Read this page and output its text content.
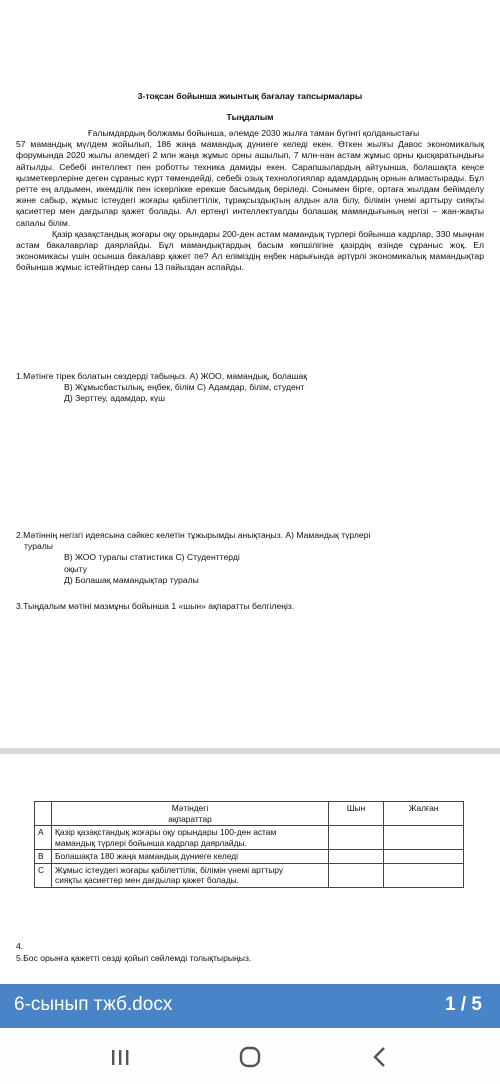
3-тоқсан бойынша жиынтық бағалау тапсырмалары
Тыңдалым

Ғалымдардың болжамы бойынша, әлемде 2030 жылға таман бүгінгі қолданыстағы

57 мамандық мүлдем жойылып, 186 жаңа мамандық дүниеге келеді екен. Өткен жылғы Давос экономикалық форумында 2020 жылы әлемдегі 2 млн жаңа жұмыс орны ашылып, 7 млн-нан астам жұмыс орны қысқаратындығы айтылды. Себебі интеллект пен роботты техника дамиды екен. Сарапшылардың айтуынша, болашақта кеңсе қызметкерлеріне деген сұраныс күрт төмендейді, себебі озық технологиялар адамдардың орнын алмастырады. Бұл ретте ең алдымен, икемділік пен іскерлікке ерекше басымдық беріледі. Сонымен бірге, ортаға жылдам бейімделу және сабыр, жұмыс істеудегі жоғары қабілеттілік, тұрақсыздықтың алдын ала білу, білімін үнемі арттыру сияқты қасиеттер мен дағдылар қажет болады. Ал ертеңгі интеллектуалды болашақ мамандығының негізі – жан-жақты сапалы білім.

Қазір қазақстандық жоғары оқу орындары 200-ден астам мамандық түрлері бойынша кадрлар, 330 мыңнан астам бакалаврлар даярлайды. Бұл мамандықтардың басым көпшілігіне қазірдің өзінде сұраныс жоқ. Ел экономикасы үшін осынша бакалавр қажет пе? Ал еліміздің еңбек нарығында әртүрлі экономикалық мамандықтар бойынша жұмыс істейтіндер саны 13 пайыздан аспайды.

1.Мәтінге тірек болатын сөздерді табыңыз. А) ЖОО, мамандық, болашақ
В) Жұмысбастылық, еңбек, білім С) Адамдар, білім, студент
Д) Зерттеу, адамдар, күш
2.Мәтіннің негізгі идеясына сәйкес келетін тұжырымды анықтаңыз. А) Мамандық түрлері
туралы
В) ЖОО туралы статистика С) Студенттерді
оқыту
Д) Болашақ мамандықтар туралы
3.Тыңдалым мәтіні мазмұны бойынша 1 «шын» ақпаратты белгілеңіз.

	Мәтіндегі
ақпараттар	Шын	Жалған
А	Қазір қазақстандық жоғары оқу орындары 100-ден астам
мамандық түрлері бойынша кадрлар даярлайды.		

В	Болашақта 180 жаңа мамандық дүниеге келеді		

С	Жұмыс істеудегі жоғары қабілеттілік, білімін үнемі арттыру
сияқты қасиеттер мен дағдылар қажет болады.		

4.
5.Бос орынға қажетті сөзді қойып сөйлемді толықтырыңыз.
6-сынып тжб.docx	1 / 5
